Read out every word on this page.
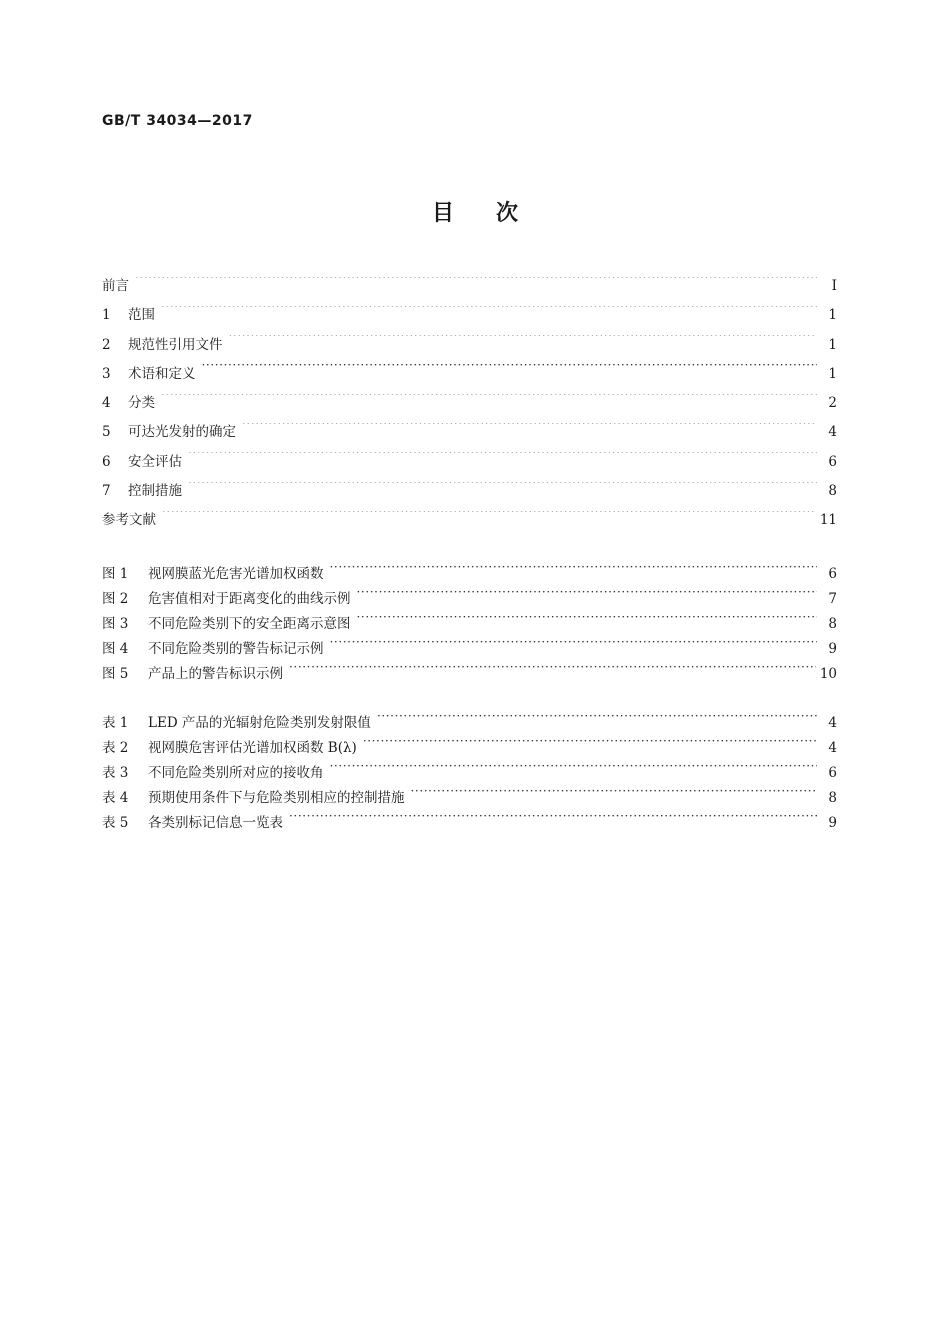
GB/T 34034—2017
目次
前言 ·····	Ⅰ
1	范围 ·····	1
2	规范性引用文件 ·····	1
3	术语和定义 ·····	1
4	分类 ·····	2
5	可达光发射的确定 ·····	4
6	安全评估 ·····	6
7	控制措施 ·····	8
参考文献 ·····	11
图 1	视网膜蓝光危害光谱加权函数 ·····	6
图 2	危害值相对于距离变化的曲线示例 ·····	7
图 3	不同危险类别下的安全距离示意图 ·····	8
图 4	不同危险类别的警告标记示例 ·····	9
图 5	产品上的警告标识示例 ·····	10
表 1	LED 产品的光辐射危险类别发射限值 ·····	4
表 2	视网膜危害评估光谱加权函数 B(λ) ·····	4
表 3	不同危险类别所对应的接收角 ·····	6
表 4	预期使用条件下与危险类别相应的控制措施 ·····	8
表 5	各类别标记信息一览表 ·····	9
